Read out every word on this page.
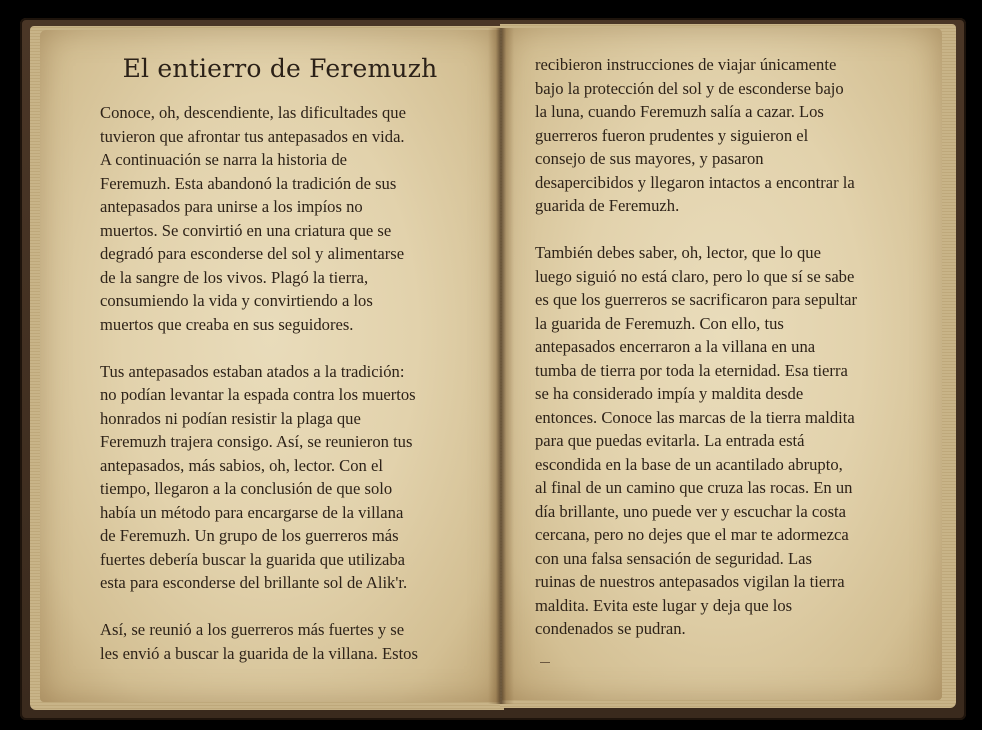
El entierro de Feremuzh

Conoce, oh, descendiente, las dificultades que
tuvieron que afrontar tus antepasados en vida.
A continuación se narra la historia de
Feremuzh. Esta abandonó la tradición de sus
antepasados para unirse a los impíos no
muertos. Se convirtió en una criatura que se
degradó para esconderse del sol y alimentarse
de la sangre de los vivos. Plagó la tierra,
consumiendo la vida y convirtiendo a los
muertos que creaba en sus seguidores.

Tus antepasados estaban atados a la tradición:
no podían levantar la espada contra los muertos
honrados ni podían resistir la plaga que
Feremuzh trajera consigo. Así, se reunieron tus
antepasados, más sabios, oh, lector. Con el
tiempo, llegaron a la conclusión de que solo
había un método para encargarse de la villana
de Feremuzh. Un grupo de los guerreros más
fuertes debería buscar la guarida que utilizaba
esta para esconderse del brillante sol de Alik'r.

Así, se reunió a los guerreros más fuertes y se
les envió a buscar la guarida de la villana. Estos

recibieron instrucciones de viajar únicamente
bajo la protección del sol y de esconderse bajo
la luna, cuando Feremuzh salía a cazar. Los
guerreros fueron prudentes y siguieron el
consejo de sus mayores, y pasaron
desapercibidos y llegaron intactos a encontrar la
guarida de Feremuzh.

También debes saber, oh, lector, que lo que
luego siguió no está claro, pero lo que sí se sabe
es que los guerreros se sacrificaron para sepultar
la guarida de Feremuzh. Con ello, tus
antepasados encerraron a la villana en una
tumba de tierra por toda la eternidad. Esa tierra
se ha considerado impía y maldita desde
entonces. Conoce las marcas de la tierra maldita
para que puedas evitarla. La entrada está
escondida en la base de un acantilado abrupto,
al final de un camino que cruza las rocas. En un
día brillante, uno puede ver y escuchar la costa
cercana, pero no dejes que el mar te adormezca
con una falsa sensación de seguridad. Las
ruinas de nuestros antepasados vigilan la tierra
maldita. Evita este lugar y deja que los
condenados se pudran.
